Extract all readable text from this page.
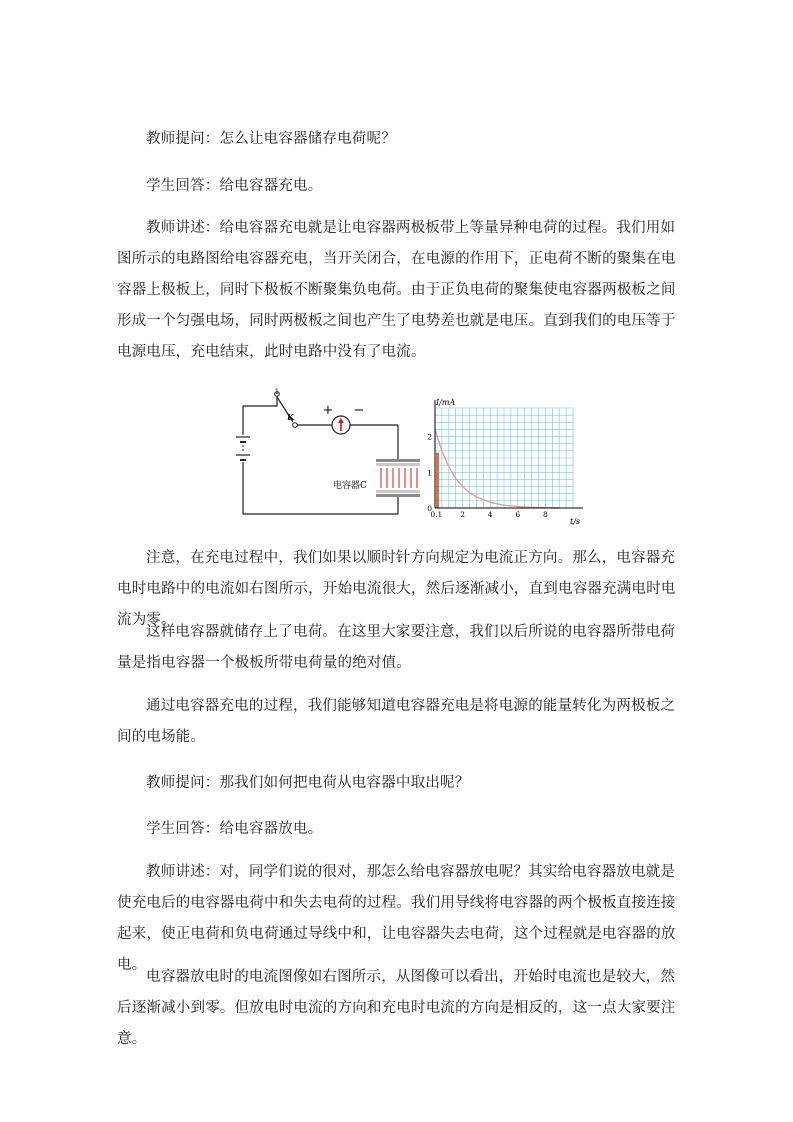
教师提问：怎么让电容器储存电荷呢？

学生回答：给电容器充电。

教师讲述：给电容器充电就是让电容器两极板带上等量异种电荷的过程。我们用如图所示的电路图给电容器充电，当开关闭合，在电源的作用下，正电荷不断的聚集在电容器上极板上，同时下极板不断聚集负电荷。由于正负电荷的聚集使电容器两极板之间形成一个匀强电场，同时两极板之间也产生了电势差也就是电压。直到我们的电压等于电源电压，充电结束，此时电路中没有了电流。

1
K + −
电容器C
0.1 2	4	6	8
0
1
2
I/mA
t/s

注意，在充电过程中，我们如果以顺时针方向规定为电流正方向。那么，电容器充电时电路中的电流如右图所示，开始电流很大，然后逐渐减小，直到电容器充满电时电流为零。

这样电容器就储存上了电荷。在这里大家要注意，我们以后所说的电容器所带电荷量是指电容器一个极板所带电荷量的绝对值。

通过电容器充电的过程，我们能够知道电容器充电是将电源的能量转化为两极板之间的电场能。

教师提问：那我们如何把电荷从电容器中取出呢？

学生回答：给电容器放电。

教师讲述：对，同学们说的很对，那怎么给电容器放电呢？其实给电容器放电就是使充电后的电容器电荷中和失去电荷的过程。我们用导线将电容器的两个极板直接连接起来，使正电荷和负电荷通过导线中和，让电容器失去电荷，这个过程就是电容器的放电。

电容器放电时的电流图像如右图所示，从图像可以看出，开始时电流也是较大，然后逐渐减小到零。但放电时电流的方向和充电时电流的方向是相反的，这一点大家要注意。
